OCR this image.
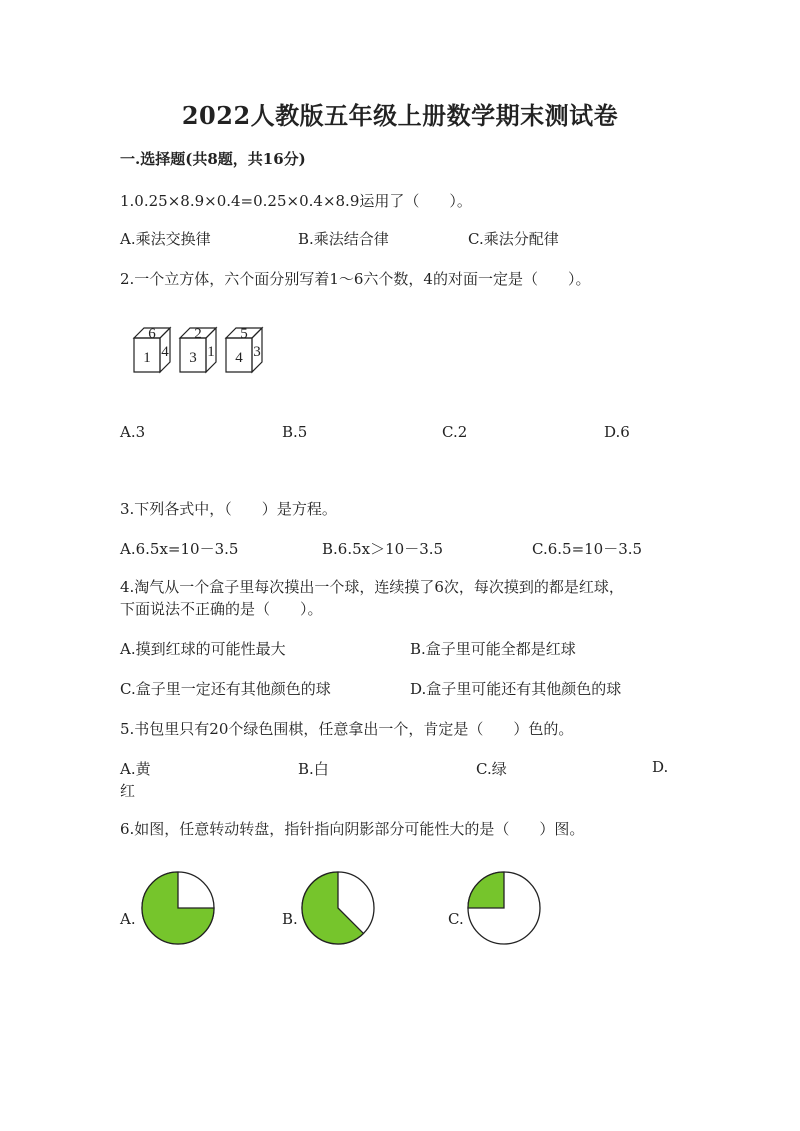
2022人教版五年级上册数学期末测试卷
一.选择题(共8题，共16分)
1.0.25×8.9×0.4=0.25×0.4×8.9运用了（　　）。
A.乘法交换律	B.乘法结合律	C.乘法分配律
2.一个立方体，六个面分别写着1～6六个数，4的对面一定是（　　）。
6
1 4
2
3 1
5
4 3
A.3	B.5	C.2	D.6
3.下列各式中，（　　）是方程。
A.6.5x=10－3.5	B.6.5x＞10－3.5	C.6.5=10－3.5
4.淘气从一个盒子里每次摸出一个球，连续摸了6次，每次摸到的都是红球，
下面说法不正确的是（　　）。
A.摸到红球的可能性最大	B.盒子里可能全都是红球
C.盒子里一定还有其他颜色的球	D.盒子里可能还有其他颜色的球
5.书包里只有20个绿色围棋，任意拿出一个，肯定是（　　）色的。
A.黄	B.白	C.绿	D.
红
6.如图，任意转动转盘，指针指向阴影部分可能性大的是（　　）图。
A.	B.	C.
